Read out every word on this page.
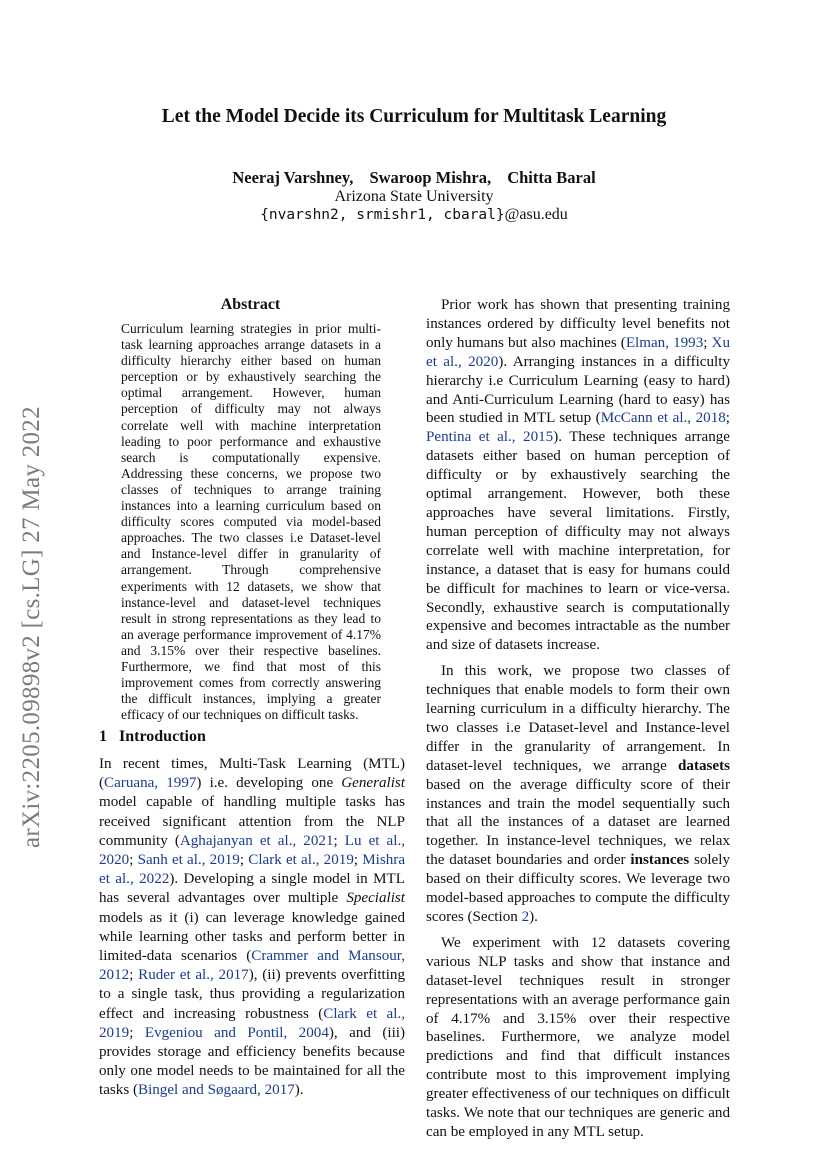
arXiv:2205.09898v2 [cs.LG] 27 May 2022
Let the Model Decide its Curriculum for Multitask Learning
Neeraj Varshney, Swaroop Mishra, Chitta Baral
Arizona State University
{nvarshn2, srmishr1, cbaral}@asu.edu
Abstract

Curriculum learning strategies in prior multi-task learning approaches arrange datasets in a difficulty hierarchy either based on human perception or by exhaustively searching the optimal arrangement. However, human perception of difficulty may not always correlate well with machine interpretation leading to poor performance and exhaustive search is computationally expensive. Addressing these concerns, we propose two classes of techniques to arrange training instances into a learning curriculum based on difficulty scores computed via model-based approaches. The two classes i.e Dataset-level and Instance-level differ in granularity of arrangement. Through comprehensive experiments with 12 datasets, we show that instance-level and dataset-level techniques result in strong representations as they lead to an average performance improvement of 4.17% and 3.15% over their respective baselines. Furthermore, we find that most of this improvement comes from correctly answering the difficult instances, implying a greater efficacy of our techniques on difficult tasks.

1 Introduction

In recent times, Multi-Task Learning (MTL) (Caruana, 1997) i.e. developing one Generalist model capable of handling multiple tasks has received significant attention from the NLP community (Aghajanyan et al., 2021; Lu et al., 2020; Sanh et al., 2019; Clark et al., 2019; Mishra et al., 2022). Developing a single model in MTL has several advantages over multiple Specialist models as it (i) can leverage knowledge gained while learning other tasks and perform better in limited-data scenarios (Crammer and Mansour, 2012; Ruder et al., 2017), (ii) prevents overfitting to a single task, thus providing a regularization effect and increasing robustness (Clark et al., 2019; Evgeniou and Pontil, 2004), and (iii) provides storage and efficiency benefits because only one model needs to be maintained for all the tasks (Bingel and Søgaard, 2017).

Prior work has shown that presenting training instances ordered by difficulty level benefits not only humans but also machines (Elman, 1993; Xu et al., 2020). Arranging instances in a difficulty hierarchy i.e Curriculum Learning (easy to hard) and Anti-Curriculum Learning (hard to easy) has been studied in MTL setup (McCann et al., 2018; Pentina et al., 2015). These techniques arrange datasets either based on human perception of difficulty or by exhaustively searching the optimal arrangement. However, both these approaches have several limitations. Firstly, human perception of difficulty may not always correlate well with machine interpretation, for instance, a dataset that is easy for humans could be difficult for machines to learn or vice-versa. Secondly, exhaustive search is computationally expensive and becomes intractable as the number and size of datasets increase.

In this work, we propose two classes of techniques that enable models to form their own learning curriculum in a difficulty hierarchy. The two classes i.e Dataset-level and Instance-level differ in the granularity of arrangement. In dataset-level techniques, we arrange datasets based on the average difficulty score of their instances and train the model sequentially such that all the instances of a dataset are learned together. In instance-level techniques, we relax the dataset boundaries and order instances solely based on their difficulty scores. We leverage two model-based approaches to compute the difficulty scores (Section 2).

We experiment with 12 datasets covering various NLP tasks and show that instance and dataset-level techniques result in stronger representations with an average performance gain of 4.17% and 3.15% over their respective baselines. Furthermore, we analyze model predictions and find that difficult instances contribute most to this improvement implying greater effectiveness of our techniques on difficult tasks. We note that our techniques are generic and can be employed in any MTL setup.
